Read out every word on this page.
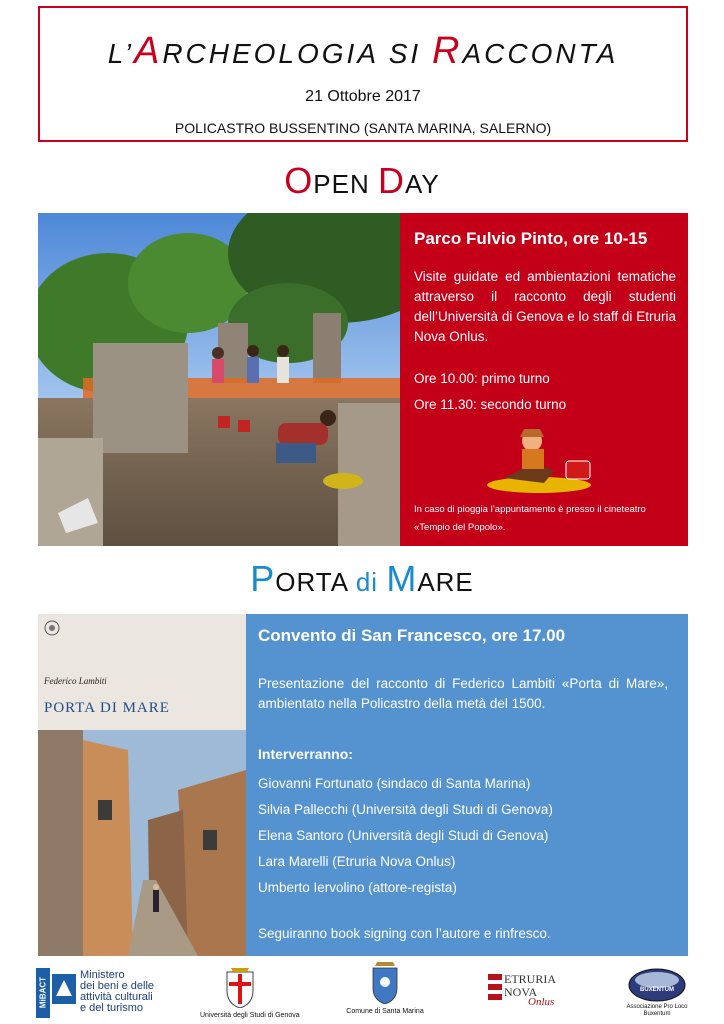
L’ARCHEOLOGIA SI RACCONTA
21 Ottobre 2017
POLICASTRO BUSSENTINO (SANTA MARINA, SALERNO)
OPEN DAY
Parco Fulvio Pinto, ore 10-15
Visite guidate ed ambientazioni tematiche attraverso il racconto degli studenti dell’Università di Genova e lo staff di Etruria Nova Onlus.
Ore 10.00: primo turno
Ore 11.30: secondo turno
In caso di pioggia l’appuntamento è presso il cineteatro «Tempio del Popolo».
PORTA di MARE
Federico Lambiti
PORTA DI MARE
Convento di San Francesco, ore 17.00
Presentazione del racconto di Federico Lambiti «Porta di Mare», ambientato nella Policastro della metà del 1500.
Interverranno:
Giovanni Fortunato (sindaco di Santa Marina)
Silvia Pallecchi (Università degli Studi di Genova)
Elena Santoro (Università degli Studi di Genova)
Lara Marelli (Etruria Nova Onlus)
Umberto Iervolino (attore-regista)
Seguiranno book signing con l’autore e rinfresco.
MiBACT
Ministero
dei beni e delle
attività culturali
e del turismo
Università degli Studi di Genova
Comune di Santa Marina
ETRURIA
NOVA
Onlus
BUXENTUM
Associazione Pro Loco
Buxentum
